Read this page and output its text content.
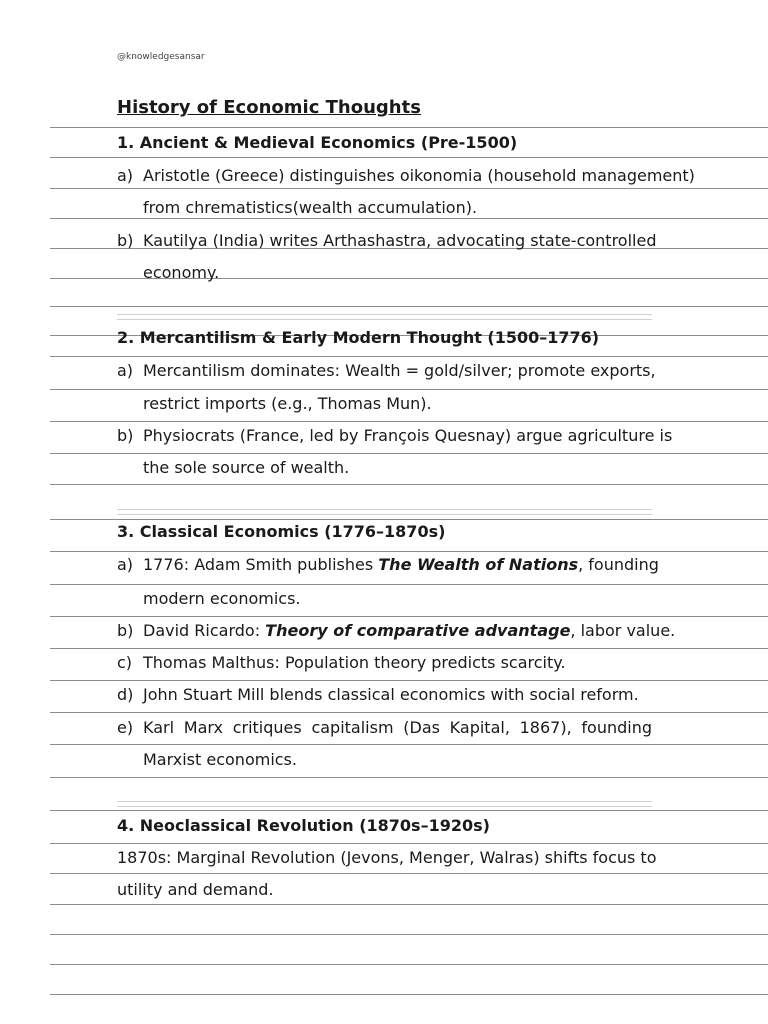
@knowledgesansar
History of Economic Thoughts
1. Ancient & Medieval Economics (Pre-1500)
a) Aristotle (Greece) distinguishes oikonomia (household management)
from chrematistics(wealth accumulation).
b) Kautilya (India) writes Arthashastra, advocating state-controlled
economy.
2. Mercantilism & Early Modern Thought (1500–1776)
a) Mercantilism dominates: Wealth = gold/silver; promote exports,
restrict imports (e.g., Thomas Mun).
b) Physiocrats (France, led by François Quesnay) argue agriculture is
the sole source of wealth.
3. Classical Economics (1776–1870s)
a) 1776: Adam Smith publishes The Wealth of Nations, founding
modern economics.
b) David Ricardo: Theory of comparative advantage, labor value.
c) Thomas Malthus: Population theory predicts scarcity.
d) John Stuart Mill blends classical economics with social reform.
e) Karl Marx critiques capitalism (Das Kapital, 1867), founding
Marxist economics.
4. Neoclassical Revolution (1870s–1920s)
1870s: Marginal Revolution (Jevons, Menger, Walras) shifts focus to
utility and demand.
